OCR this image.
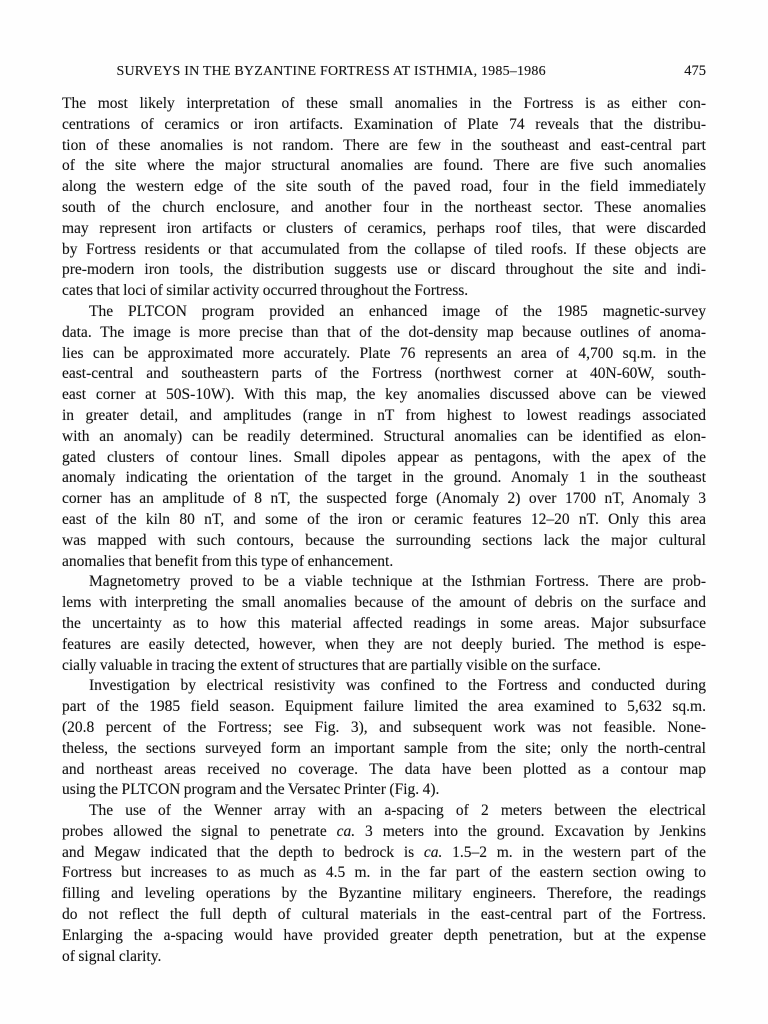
SURVEYS IN THE BYZANTINE FORTRESS AT ISTHMIA, 1985–1986	475
The most likely interpretation of these small anomalies in the Fortress is as either con-
centrations of ceramics or iron artifacts. Examination of Plate 74 reveals that the distribu-
tion of these anomalies is not random. There are few in the southeast and east-central part
of the site where the major structural anomalies are found. There are five such anomalies
along the western edge of the site south of the paved road, four in the field immediately
south of the church enclosure, and another four in the northeast sector. These anomalies
may represent iron artifacts or clusters of ceramics, perhaps roof tiles, that were discarded
by Fortress residents or that accumulated from the collapse of tiled roofs. If these objects are
pre-modern iron tools, the distribution suggests use or discard throughout the site and indi-
cates that loci of similar activity occurred throughout the Fortress.
The PLTCON program provided an enhanced image of the 1985 magnetic-survey
data. The image is more precise than that of the dot-density map because outlines of anoma-
lies can be approximated more accurately. Plate 76 represents an area of 4,700 sq.m. in the
east-central and southeastern parts of the Fortress (northwest corner at 40N-60W, south-
east corner at 50S-10W). With this map, the key anomalies discussed above can be viewed
in greater detail, and amplitudes (range in nT from highest to lowest readings associated
with an anomaly) can be readily determined. Structural anomalies can be identified as elon-
gated clusters of contour lines. Small dipoles appear as pentagons, with the apex of the
anomaly indicating the orientation of the target in the ground. Anomaly 1 in the southeast
corner has an amplitude of 8 nT, the suspected forge (Anomaly 2) over 1700 nT, Anomaly 3
east of the kiln 80 nT, and some of the iron or ceramic features 12–20 nT. Only this area
was mapped with such contours, because the surrounding sections lack the major cultural
anomalies that benefit from this type of enhancement.
Magnetometry proved to be a viable technique at the Isthmian Fortress. There are prob-
lems with interpreting the small anomalies because of the amount of debris on the surface and
the uncertainty as to how this material affected readings in some areas. Major subsurface
features are easily detected, however, when they are not deeply buried. The method is espe-
cially valuable in tracing the extent of structures that are partially visible on the surface.
Investigation by electrical resistivity was confined to the Fortress and conducted during
part of the 1985 field season. Equipment failure limited the area examined to 5,632 sq.m.
(20.8 percent of the Fortress; see Fig. 3), and subsequent work was not feasible. None-
theless, the sections surveyed form an important sample from the site; only the north-central
and northeast areas received no coverage. The data have been plotted as a contour map
using the PLTCON program and the Versatec Printer (Fig. 4).
The use of the Wenner array with an a-spacing of 2 meters between the electrical
probes allowed the signal to penetrate ca. 3 meters into the ground. Excavation by Jenkins
and Megaw indicated that the depth to bedrock is ca. 1.5–2 m. in the western part of the
Fortress but increases to as much as 4.5 m. in the far part of the eastern section owing to
filling and leveling operations by the Byzantine military engineers. Therefore, the readings
do not reflect the full depth of cultural materials in the east-central part of the Fortress.
Enlarging the a-spacing would have provided greater depth penetration, but at the expense
of signal clarity.
